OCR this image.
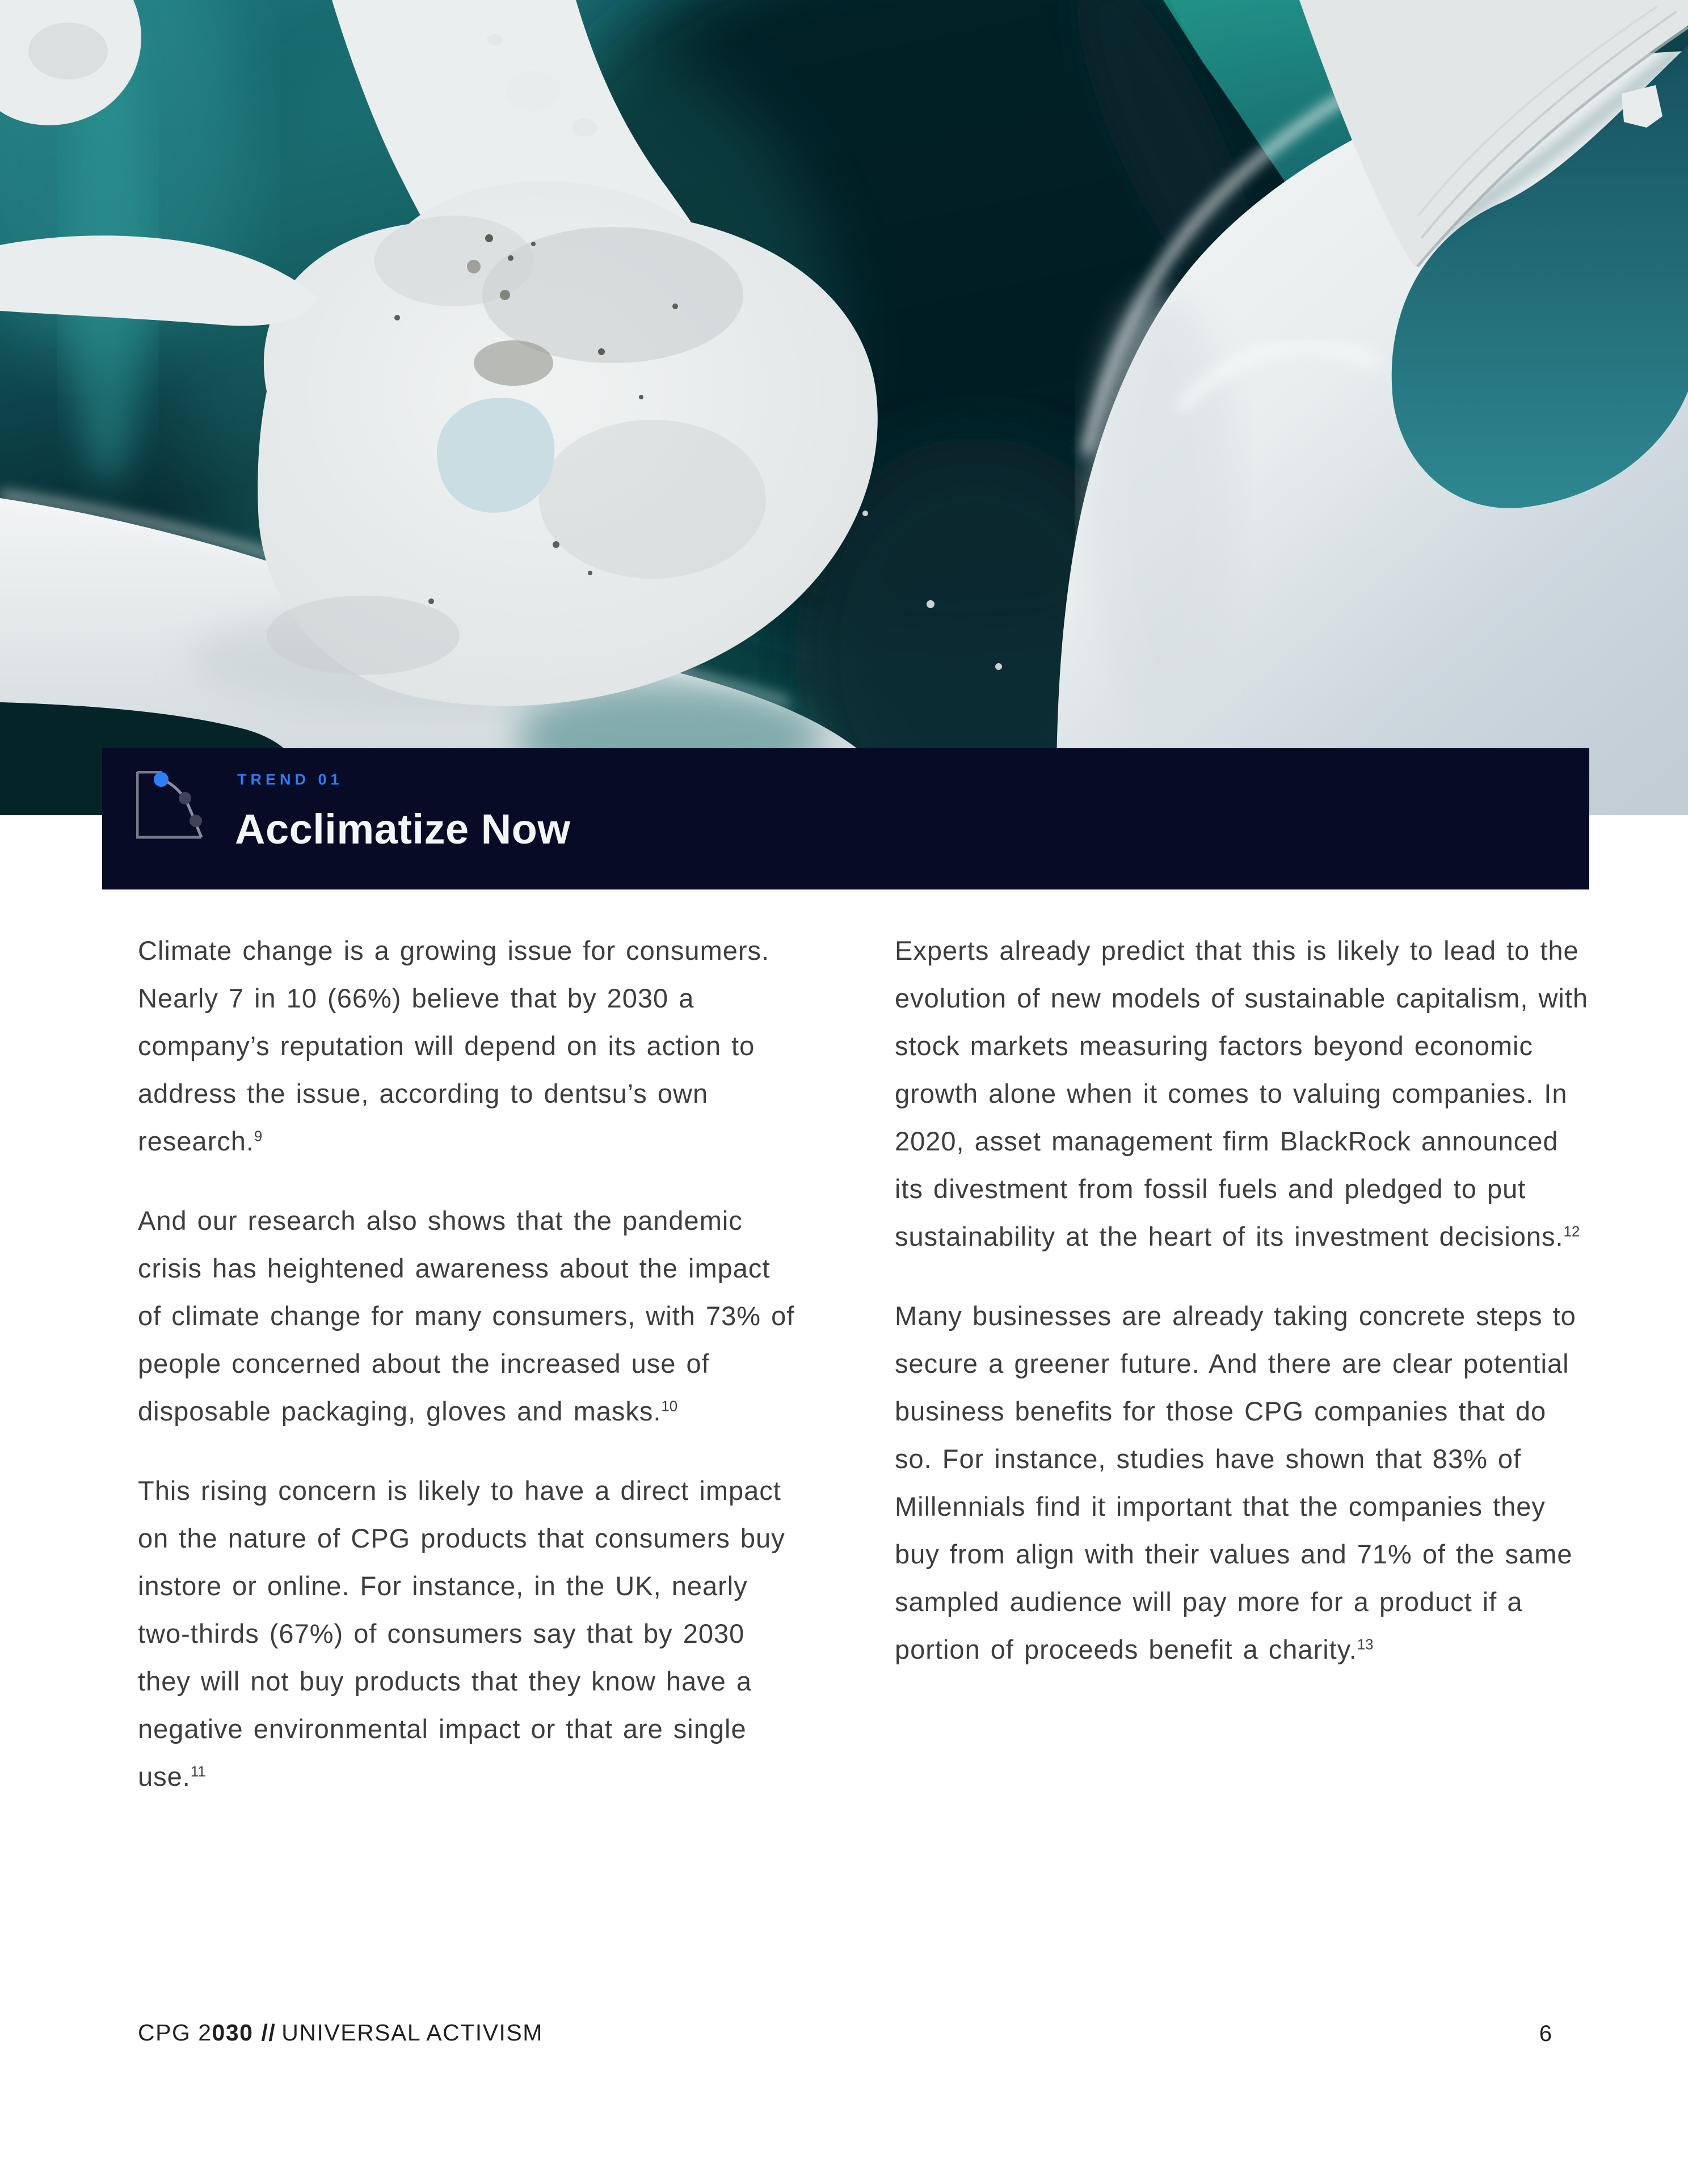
TREND 01
Acclimatize Now

Climate change is a growing issue for consumers. Nearly 7 in 10 (66%) believe that by 2030 a company’s reputation will depend on its action to address the issue, according to dentsu’s own research.$^9$

And our research also shows that the pandemic crisis has heightened awareness about the impact of climate change for many consumers, with 73% of people concerned about the increased use of disposable packaging, gloves and masks.$^{10}$

This rising concern is likely to have a direct impact on the nature of CPG products that consumers buy instore or online. For instance, in the UK, nearly two-thirds (67%) of consumers say that by 2030 they will not buy products that they know have a negative environmental impact or that are single use.$^{11}$

Experts already predict that this is likely to lead to the evolution of new models of sustainable capitalism, with stock markets measuring factors beyond economic growth alone when it comes to valuing companies. In 2020, asset management firm BlackRock announced its divestment from fossil fuels and pledged to put sustainability at the heart of its investment decisions.$^{12}$

Many businesses are already taking concrete steps to secure a greener future. And there are clear potential business benefits for those CPG companies that do so. For instance, studies have shown that 83% of Millennials find it important that the companies they buy from align with their values and 71% of the same sampled audience will pay more for a product if a portion of proceeds benefit a charity.$^{13}$

CPG 2030 // UNIVERSAL ACTIVISM	6
